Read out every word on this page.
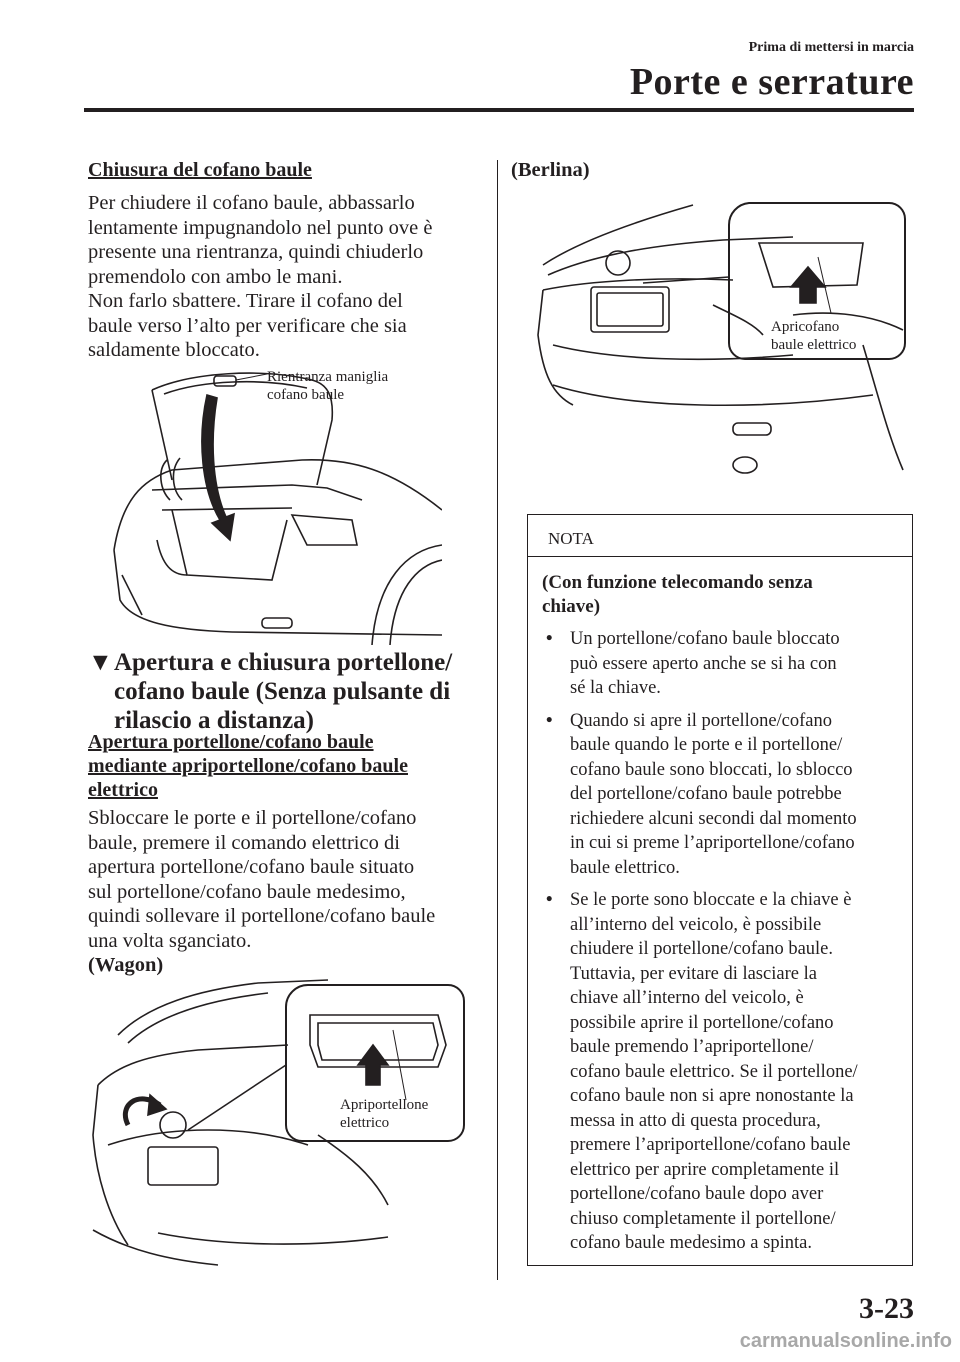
Prima di mettersi in marcia
Porte e serrature
Chiusura del cofano baule
Per chiudere il cofano baule, abbassarlo
lentamente impugnandolo nel punto ove è
presente una rientranza, quindi chiuderlo
premendolo con ambo le mani.
Non farlo sbattere. Tirare il cofano del
baule verso l’alto per verificare che sia
saldamente bloccato.
Rientranza maniglia
cofano baule
▼ Apertura e chiusura portellone/
cofano baule (Senza pulsante di
rilascio a distanza)
Apertura portellone/cofano baule
mediante apriportellone/cofano baule
elettrico
Sbloccare le porte e il portellone/cofano
baule, premere il comando elettrico di
apertura portellone/cofano baule situato
sul portellone/cofano baule medesimo,
quindi sollevare il portellone/cofano baule
una volta sganciato.
(Wagon)
Apriportellone
elettrico
(Berlina)
Apricofano
baule elettrico
NOTA
(Con funzione telecomando senza
chiave)
• Un portellone/cofano baule bloccato
può essere aperto anche se si ha con
sé la chiave.
• Quando si apre il portellone/cofano
baule quando le porte e il portellone/
cofano baule sono bloccati, lo sblocco
del portellone/cofano baule potrebbe
richiedere alcuni secondi dal momento
in cui si preme l’apriportellone/cofano
baule elettrico.
• Se le porte sono bloccate e la chiave è
all’interno del veicolo, è possibile
chiudere il portellone/cofano baule.
Tuttavia, per evitare di lasciare la
chiave all’interno del veicolo, è
possibile aprire il portellone/cofano
baule premendo l’apriportellone/
cofano baule elettrico. Se il portellone/
cofano baule non si apre nonostante la
messa in atto di questa procedura,
premere l’apriportellone/cofano baule
elettrico per aprire completamente il
portellone/cofano baule dopo aver
chiuso completamente il portellone/
cofano baule medesimo a spinta.
3-23
carmanualsonline.info
